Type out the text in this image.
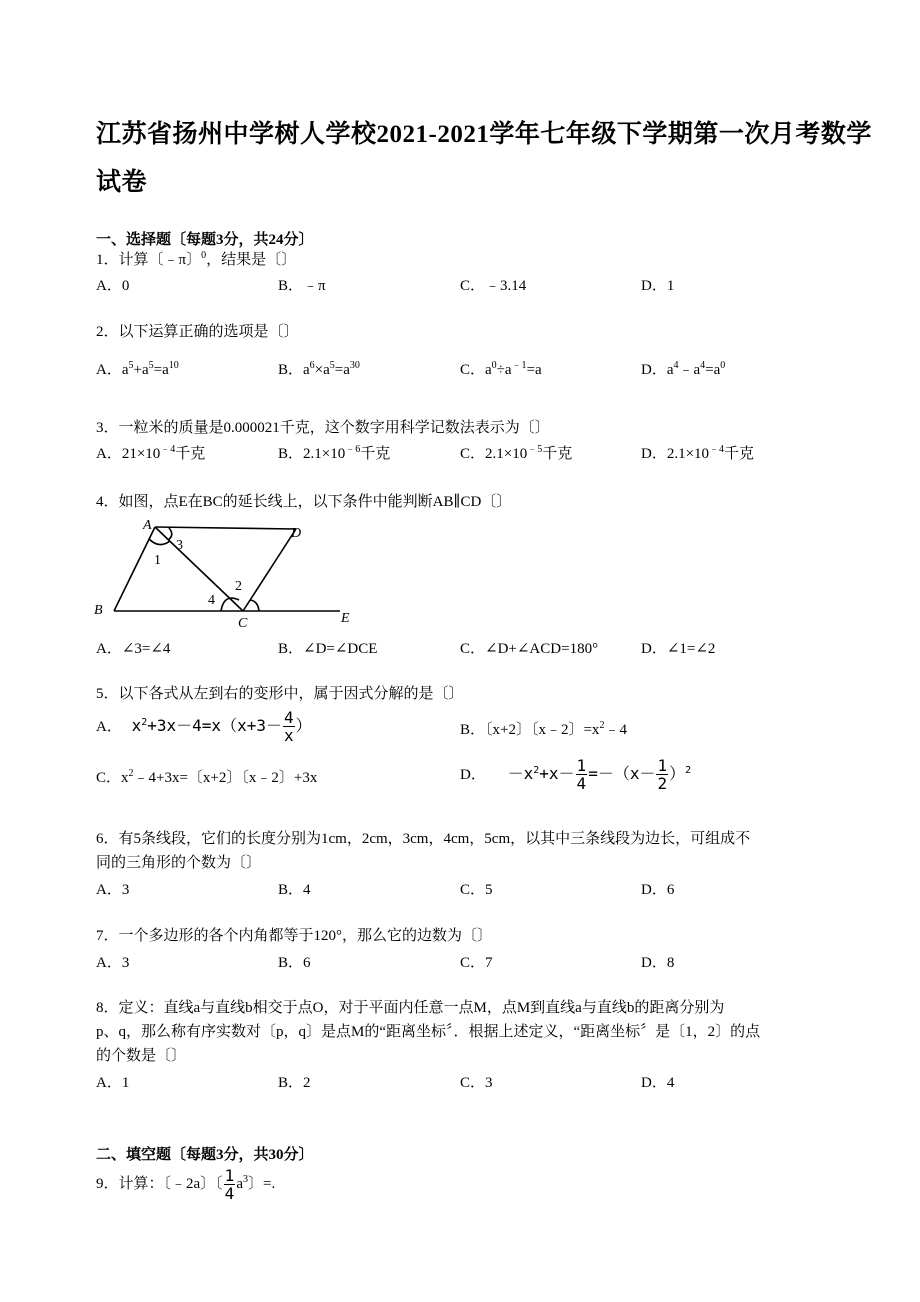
江苏省扬州中学树人学校2021-2021学年七年级下学期第一次月考数学
试卷
一、选择题〔每题3分，共24分〕
1．计算〔﹣π〕$^0$，结果是〔〕
A．0	B．﹣π	C．﹣3.14	D．1
2．以下运算正确的选项是〔〕
A．$a^5+a^5=a^{10}$	B．$a^6\times a^5=a^{30}$	C．$a^0\div a^{﹣1}=a$	D．$a^4﹣a^4=a^0$
3．一粒米的质量是0.000021千克，这个数字用科学记数法表示为〔〕
A．$21\times 10^{﹣4}$千克	B．$2.1\times 10^{﹣6}$千克	C．$2.1\times 10^{﹣5}$千克	D．$2.1\times 10^{﹣4}$千克
4．如图，点E在BC的延长线上，以下条件中能判断AB∥CD〔〕
A
D
B
C	E
1
3
4
2
A．∠3=∠4	B．∠D=∠DCE	C．∠D+∠ACD=180°	D．∠1=∠2
5．以下各式从左到右的变形中，属于因式分解的是〔〕
A． $x^2+3x-4=x(x+3- \frac{4}{x}$ ）	B．〔x+2〕〔x﹣2〕$=x^2﹣4$
C．$x^2﹣4+3x=$〔x+2〕〔x﹣2〕+3x	D． $-x^2+x- \frac{1}{4} =-(x- \frac{1}{2} )^2$
6．有5条线段，它们的长度分别为1cm，2cm，3cm，4cm，5cm，以其中三条线段为边长，可组成不
同的三角形的个数为〔〕
A．3	B．4	C．5	D．6
7．一个多边形的各个内角都等于120°，那么它的边数为〔〕
A．3	B．6	C．7	D．8
8．定义：直线a与直线b相交于点O，对于平面内任意一点M，点M到直线a与直线b的距离分别为
p、q，那么称有序实数对〔p，q〕是点M的“距离坐标〞．根据上述定义，“距离坐标〞是〔1，2〕的点
的个数是〔〕
A．1	B．2	C．3	D．4
二、填空题〔每题3分，共30分〕
9．计算：〔﹣2a〕〔 $\frac{1}{4} a^3$〕=.
